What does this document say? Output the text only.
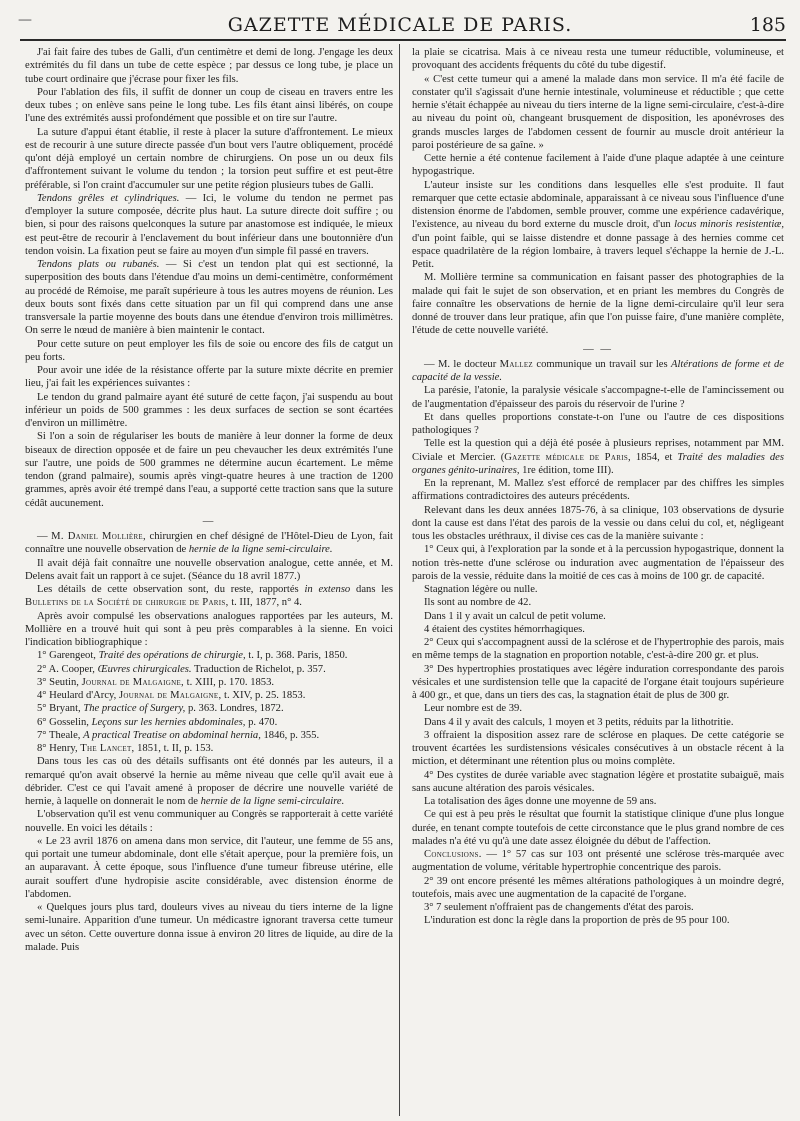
—	GAZETTE MÉDICALE DE PARIS.	185

J'ai fait faire des tubes de Galli, d'un centimètre et demi de long. J'engage les deux extrémités du fil dans un tube de cette espèce ; par dessus ce long tube, je place un tube court ordinaire que j'écrase pour fixer les fils.

Pour l'ablation des fils, il suffit de donner un coup de ciseau en travers entre les deux tubes ; on enlève sans peine le long tube. Les fils étant ainsi libérés, on coupe l'une des extrémités aussi profondément que possible et on tire sur l'autre.

La suture d'appui étant établie, il reste à placer la suture d'affrontement. Le mieux est de recourir à une suture directe passée d'un bout vers l'autre obliquement, procédé qu'ont déjà employé un certain nombre de chirurgiens. On pose un ou deux fils d'affrontement suivant le volume du tendon ; la torsion peut suffire et est peut-être préférable, si l'on craint d'accumuler sur une petite région plusieurs tubes de Galli.

Tendons grêles et cylindriques. — Ici, le volume du tendon ne permet pas d'employer la suture composée, décrite plus haut. La suture directe doit suffire ; ou bien, si pour des raisons quelconques la suture par anastomose est indiquée, le mieux est peut-être de recourir à l'enclavement du bout inférieur dans une boutonnière d'un tendon voisin. La fixation peut se faire au moyen d'un simple fil passé en travers.

Tendons plats ou rubanés. — Si c'est un tendon plat qui est sectionné, la superposition des bouts dans l'étendue d'au moins un demi-centimètre, conformément au procédé de Rémoise, me paraît supérieure à tous les autres moyens de réunion. Les deux bouts sont fixés dans cette situation par un fil qui comprend dans une anse transversale la partie moyenne des bouts dans une étendue d'environ trois millimètres. On serre le nœud de manière à bien maintenir le contact.

Pour cette suture on peut employer les fils de soie ou encore des fils de catgut un peu forts.

Pour avoir une idée de la résistance offerte par la suture mixte décrite en premier lieu, j'ai fait les expériences suivantes :

Le tendon du grand palmaire ayant été suturé de cette façon, j'ai suspendu au bout inférieur un poids de 500 grammes : les deux surfaces de section se sont écartées d'environ un millimètre.

Si l'on a soin de régulariser les bouts de manière à leur donner la forme de deux biseaux de direction opposée et de faire un peu chevaucher les deux extrémités l'une sur l'autre, une poids de 500 grammes ne détermine aucun écartement. Le même tendon (grand palmaire), soumis après vingt-quatre heures à une traction de 1200 grammes, après avoir été trempé dans l'eau, a supporté cette traction sans que la suture cédât aucunement.

—

— M. Daniel Mollière, chirurgien en chef désigné de l'Hôtel-Dieu de Lyon, fait connaître une nouvelle observation de hernie de la ligne semi-circulaire.

Il avait déjà fait connaître une nouvelle observation analogue, cette année, et M. Delens avait fait un rapport à ce sujet. (Séance du 18 avril 1877.)

Les détails de cette observation sont, du reste, rapportés in extenso dans les Bulletins de la Société de chirurgie de Paris, t. III, 1877, n° 4.

Après avoir compulsé les observations analogues rapportées par les auteurs, M. Mollière en a trouvé huit qui sont à peu près comparables à la sienne. En voici l'indication bibliographique :

1° Garengeot, Traité des opérations de chirurgie, t. I, p. 368. Paris, 1850.
2° A. Cooper, Œuvres chirurgicales. Traduction de Richelot, p. 357.
3° Seutin, Journal de Malgaigne, t. XIII, p. 170. 1853.
4° Heulard d'Arcy, Journal de Malgaigne, t. XIV, p. 25. 1853.
5° Bryant, The practice of Surgery, p. 363. Londres, 1872.
6° Gosselin, Leçons sur les hernies abdominales, p. 470.
7° Theale, A practical Treatise on abdominal hernia, 1846, p. 355.
8° Henry, The Lancet, 1851, t. II, p. 153.

Dans tous les cas où des détails suffisants ont été donnés par les auteurs, il a remarqué qu'on avait observé la hernie au même niveau que celle qu'il avait eue à débrider. C'est ce qui l'avait amené à proposer de décrire une nouvelle variété de hernie, à laquelle on donnerait le nom de hernie de la ligne semi-circulaire.

L'observation qu'il est venu communiquer au Congrès se rapporterait à cette variété nouvelle. En voici les détails :

« Le 23 avril 1876 on amena dans mon service, dit l'auteur, une femme de 55 ans, qui portait une tumeur abdominale, dont elle s'était aperçue, pour la première fois, un an auparavant. À cette époque, sous l'influence d'une tumeur fibreuse utérine, elle aurait souffert d'une hydropisie ascite considérable, avec distension énorme de l'abdomen.

« Quelques jours plus tard, douleurs vives au niveau du tiers interne de la ligne semi-lunaire. Apparition d'une tumeur. Un médicastre ignorant traversa cette tumeur avec un séton. Cette ouverture donna issue à environ 20 litres de liquide, au dire de la malade. Puis

la plaie se cicatrisa. Mais à ce niveau resta une tumeur réductible, volumineuse, et provoquant des accidents fréquents du côté du tube digestif.

« C'est cette tumeur qui a amené la malade dans mon service. Il m'a été facile de constater qu'il s'agissait d'une hernie intestinale, volumineuse et réductible ; que cette hernie s'était échappée au niveau du tiers interne de la ligne semi-circulaire, c'est-à-dire au niveau du point où, changeant brusquement de disposition, les aponévroses des grands muscles larges de l'abdomen cessent de fournir au muscle droit antérieur la paroi postérieure de sa gaîne. »

Cette hernie a été contenue facilement à l'aide d'une plaque adaptée à une ceinture hypogastrique.

L'auteur insiste sur les conditions dans lesquelles elle s'est produite. Il faut remarquer que cette ectasie abdominale, apparaissant à ce niveau sous l'influence d'une distension énorme de l'abdomen, semble prouver, comme une expérience cadavérique, l'existence, au niveau du bord externe du muscle droit, d'un locus minoris resistentiæ, d'un point faible, qui se laisse distendre et donne passage à des hernies comme cet espace quadrilatère de la région lombaire, à travers lequel s'échappe la hernie de J.-L. Petit.

M. Mollière termine sa communication en faisant passer des photographies de la malade qui fait le sujet de son observation, et en priant les membres du Congrès de faire connaître les observations de hernie de la ligne demi-circulaire qu'il leur sera donné de trouver dans leur pratique, afin que l'on puisse faire, d'une manière complète, l'étude de cette nouvelle variété.

— —

— M. le docteur Mallez communique un travail sur les Altérations de forme et de capacité de la vessie.

La parésie, l'atonie, la paralysie vésicale s'accompagne-t-elle de l'amincissement ou de l'augmentation d'épaisseur des parois du réservoir de l'urine ?

Et dans quelles proportions constate-t-on l'une ou l'autre de ces dispositions pathologiques ?

Telle est la question qui a déjà été posée à plusieurs reprises, notamment par MM. Civiale et Mercier. (Gazette médicale de Paris, 1854, et Traité des maladies des organes génito-urinaires, 1re édition, tome III).

En la reprenant, M. Mallez s'est efforcé de remplacer par des chiffres les simples affirmations contradictoires des auteurs précédents.

Relevant dans les deux années 1875-76, à sa clinique, 103 observations de dysurie dont la cause est dans l'état des parois de la vessie ou dans celui du col, et, négligeant tous les obstacles uréthraux, il divise ces cas de la manière suivante :

1° Ceux qui, à l'exploration par la sonde et à la percussion hypogastrique, donnent la notion très-nette d'une sclérose ou induration avec augmentation de l'épaisseur des parois de la vessie, réduite dans la moitié de ces cas à moins de 100 gr. de capacité.

Stagnation légère ou nulle.

Ils sont au nombre de 42.

Dans 1 il y avait un calcul de petit volume.

4 étaient des cystites hémorrhagiques.

2° Ceux qui s'accompagnent aussi de la sclérose et de l'hypertrophie des parois, mais en même temps de la stagnation en proportion notable, c'est-à-dire 200 gr. et plus.

3° Des hypertrophies prostatiques avec légère induration correspondante des parois vésicales et une surdistension telle que la capacité de l'organe était toujours supérieure à 400 gr., et que, dans un tiers des cas, la stagnation était de plus de 300 gr.

Leur nombre est de 39.

Dans 4 il y avait des calculs, 1 moyen et 3 petits, réduits par la lithotritie.

3 offraient la disposition assez rare de sclérose en plaques. De cette catégorie se trouvent écartées les surdistensions vésicales consécutives à un obstacle récent à la miction, et déterminant une rétention plus ou moins complète.

4° Des cystites de durée variable avec stagnation légère et prostatite subaiguë, mais sans aucune altération des parois vésicales.

La totalisation des âges donne une moyenne de 59 ans.

Ce qui est à peu près le résultat que fournit la statistique clinique d'une plus longue durée, en tenant compte toutefois de cette circonstance que le plus grand nombre de ces malades n'a été vu qu'à une date assez éloignée du début de l'affection.

Conclusions. — 1° 57 cas sur 103 ont présenté une sclérose très-marquée avec augmentation de volume, véritable hypertrophie concentrique des parois.

2° 39 ont encore présenté les mêmes altérations pathologiques à un moindre degré, toutefois, mais avec une augmentation de la capacité de l'organe.

3° 7 seulement n'offraient pas de changements d'état des parois.

L'induration est donc la règle dans la proportion de près de 95 pour 100.
